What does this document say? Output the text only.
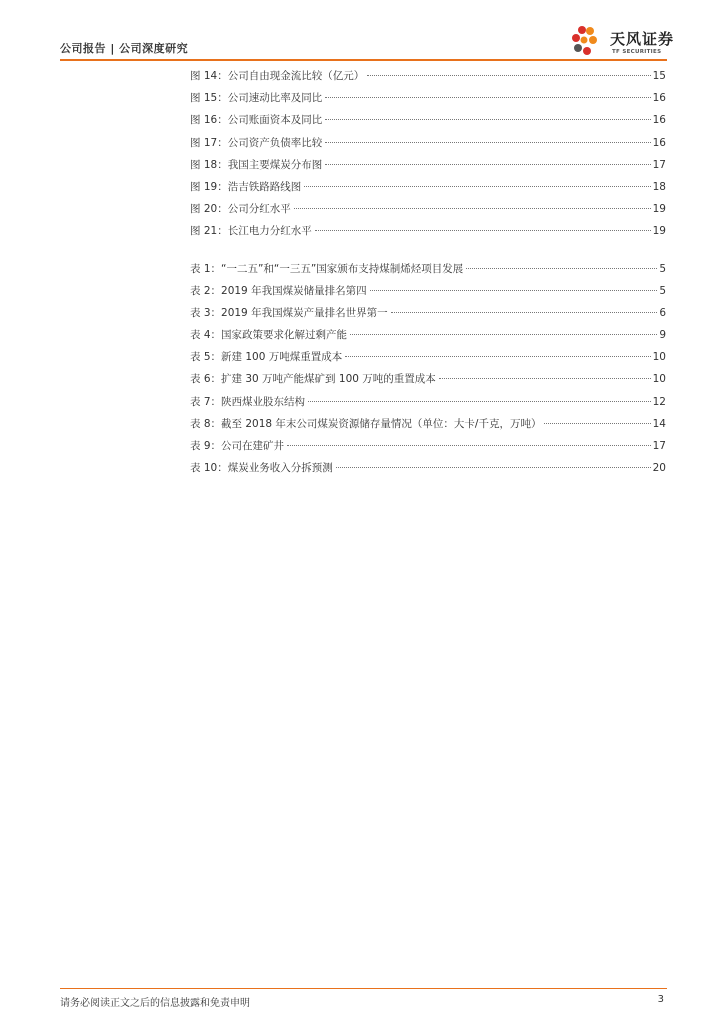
公司报告 | 公司深度研究
天风证券
TF SECURITIES
图 14：公司自由现金流比较（亿元）	15
图 15：公司速动比率及同比	16
图 16：公司账面资本及同比	16
图 17：公司资产负债率比较	16
图 18：我国主要煤炭分布图	17
图 19：浩吉铁路路线图	18
图 20：公司分红水平	19
图 21：长江电力分红水平	19
表 1：“一二五”和“一三五”国家颁布支持煤制烯烃项目发展	5
表 2：2019 年我国煤炭储量排名第四	5
表 3：2019 年我国煤炭产量排名世界第一	6
表 4：国家政策要求化解过剩产能	9
表 5：新建 100 万吨煤重置成本	10
表 6：扩建 30 万吨产能煤矿到 100 万吨的重置成本	10
表 7：陕西煤业股东结构	12
表 8：截至 2018 年末公司煤炭资源储存量情况（单位：大卡/千克，万吨）	14
表 9：公司在建矿井	17
表 10：煤炭业务收入分拆预测	20
请务必阅读正文之后的信息披露和免责申明	3
